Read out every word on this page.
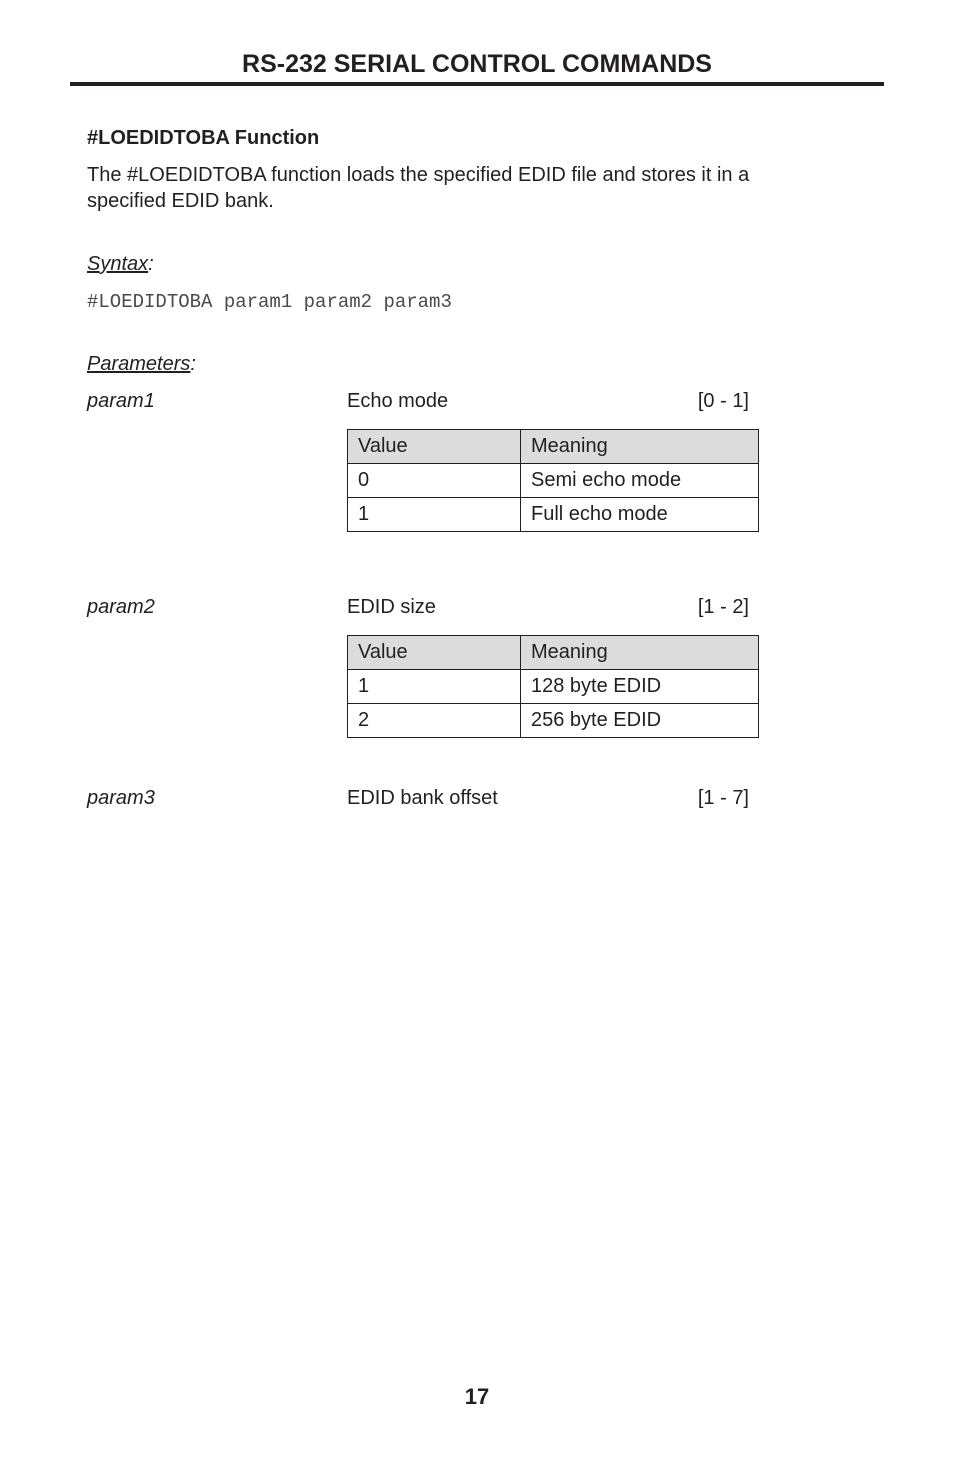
RS-232 SERIAL CONTROL COMMANDS
#LOEDIDTOBA Function
The #LOEDIDTOBA function loads the specified EDID file and stores it in a specified EDID bank.
Syntax:
#LOEDIDTOBA param1 param2 param3
Parameters:
param1	Echo mode	[0 - 1]
Value	Meaning
0	Semi echo mode
1	Full echo mode
param2	EDID size	[1 - 2]
Value	Meaning
1	128 byte EDID
2	256 byte EDID
param3	EDID bank offset	[1 - 7]
17
